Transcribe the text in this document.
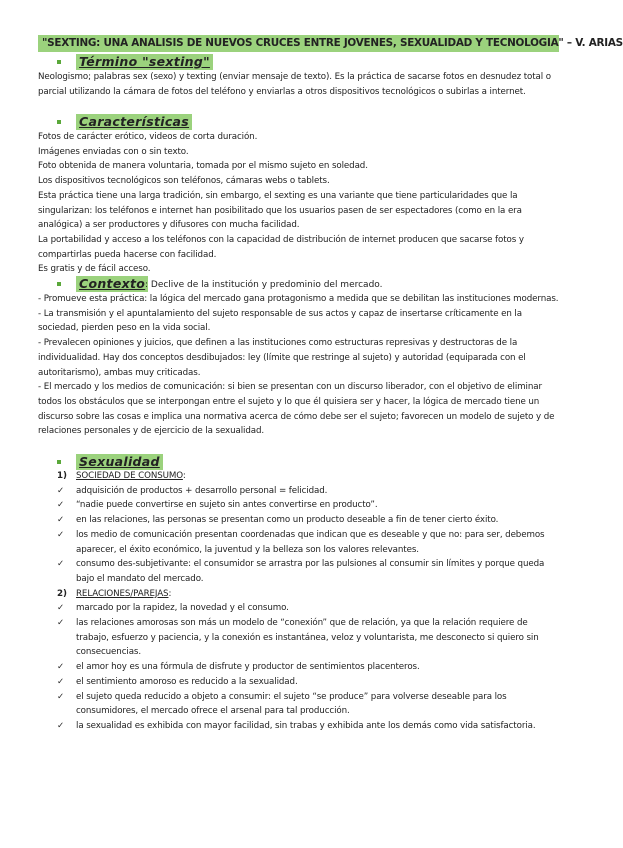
"SEXTING: UNA ANALISIS DE NUEVOS CRUCES ENTRE JOVENES, SEXUALIDAD Y TECNOLOGIA" – V. ARIAS
Término "sexting"

Neologismo; palabras sex (sexo) y texting (enviar mensaje de texto). Es la práctica de sacarse fotos en desnudez total o parcial utilizando la cámara de fotos del teléfono y enviarlas a otros dispositivos tecnológicos o subirlas a internet.

Características

Fotos de carácter erótico, videos de corta duración.

Imágenes enviadas con o sin texto.

Foto obtenida de manera voluntaria, tomada por el mismo sujeto en soledad.

Los dispositivos tecnológicos son teléfonos, cámaras webs o tablets.

Esta práctica tiene una larga tradición, sin embargo, el sexting es una variante que tiene particularidades que la singularizan: los teléfonos e internet han posibilitado que los usuarios pasen de ser espectadores (como en la era analógica) a ser productores y difusores con mucha facilidad.

La portabilidad y acceso a los teléfonos con la capacidad de distribución de internet producen que sacarse fotos y compartirlas pueda hacerse con facilidad.

Es gratis y de fácil acceso.

Contexto : Declive de la institución y predominio del mercado.

- Promueve esta práctica: la lógica del mercado gana protagonismo a medida que se debilitan las instituciones modernas.

- La transmisión y el apuntalamiento del sujeto responsable de sus actos y capaz de insertarse críticamente en la sociedad, pierden peso en la vida social.

- Prevalecen opiniones y juicios, que definen a las instituciones como estructuras represivas y destructoras de la individualidad. Hay dos conceptos desdibujados: ley (límite que restringe al sujeto) y autoridad (equiparada con el autoritarismo), ambas muy criticadas.

- El mercado y los medios de comunicación: si bien se presentan con un discurso liberador, con el objetivo de eliminar todos los obstáculos que se interpongan entre el sujeto y lo que él quisiera ser y hacer, la lógica de mercado tiene un discurso sobre las cosas e implica una normativa acerca de cómo debe ser el sujeto; favorecen un modelo de sujeto y de relaciones personales y de ejercicio de la sexualidad.

Sexualidad
1) SOCIEDAD DE CONSUMO:
✓ adquisición de productos + desarrollo personal = felicidad.
✓ “nadie puede convertirse en sujeto sin antes convertirse en producto”.
✓ en las relaciones, las personas se presentan como un producto deseable a fin de tener cierto éxito.
✓ los medio de comunicación presentan coordenadas que indican que es deseable y que no: para ser, debemos aparecer, el éxito económico, la juventud y la belleza son los valores relevantes.
✓ consumo des-subjetivante: el consumidor se arrastra por las pulsiones al consumir sin límites y porque queda bajo el mandato del mercado.
2) RELACIONES/PAREJAS:
✓ marcado por la rapidez, la novedad y el consumo.
✓ las relaciones amorosas son más un modelo de “conexión” que de relación, ya que la relación requiere de trabajo, esfuerzo y paciencia, y la conexión es instantánea, veloz y voluntarista, me desconecto si quiero sin consecuencias.
✓ el amor hoy es una fórmula de disfrute y productor de sentimientos placenteros.
✓ el sentimiento amoroso es reducido a la sexualidad.
✓ el sujeto queda reducido a objeto a consumir: el sujeto “se produce” para volverse deseable para los consumidores, el mercado ofrece el arsenal para tal producción.
✓ la sexualidad es exhibida con mayor facilidad, sin trabas y exhibida ante los demás como vida satisfactoria.
